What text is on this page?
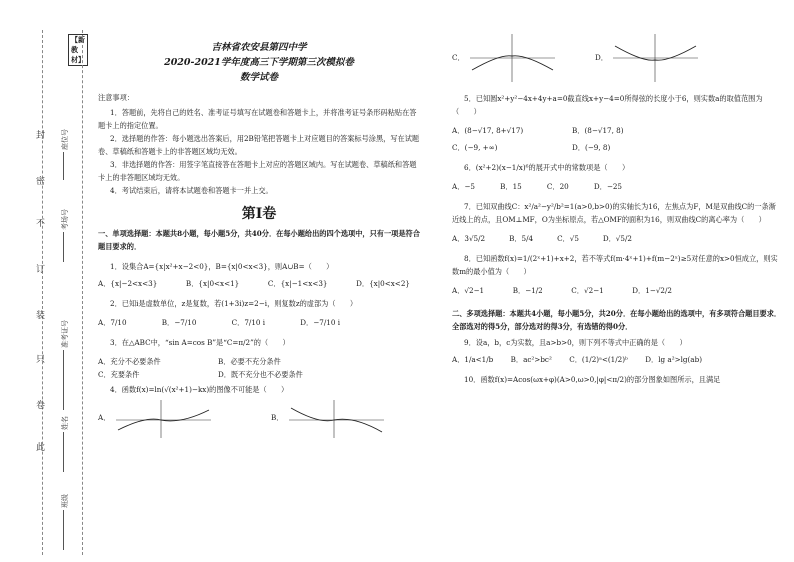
【新教材】
封
密
不
订
装
只
卷
此
座位号
考场号
准考证号
姓名
班级
吉林省农安县第四中学
2020-2021学年度高三下学期第三次模拟卷
数学试卷

注意事项：

1．答题前，先将自己的姓名、准考证号填写在试题卷和答题卡上，并将准考证号条形码粘贴在答题卡上的指定位置。

2．选择题的作答：每小题选出答案后，用2B铅笔把答题卡上对应题目的答案标号涂黑，写在试题卷、草稿纸和答题卡上的非答题区域均无效。

3．非选择题的作答：用签字笔直接答在答题卡上对应的答题区域内。写在试题卷、草稿纸和答题卡上的非答题区域均无效。

4．考试结束后，请将本试题卷和答题卡一并上交。

第Ⅰ卷

一、单项选择题：本题共8小题，每小题5分，共40分．在每小题给出的四个选项中，只有一项是符合题目要求的．

1．设集合A={x|x²+x−2<0}，B={x|0<x<3}，则A∪B=（　　）

A．{x|−2<x<3}	B．{x|0<x<1}	C．{x|−1<x<3}	D．{x|0<x<2}

2．已知i是虚数单位，z是复数，若(1+3i)z=2−i，则复数z的虚部为（　　）

A．7/10	B．−7/10	C．7/10 i	D．−7/10 i

3．在△ABC中，“sin A=cos B”是“C=π/2”的（　　）

A．充分不必要条件	B．必要不充分条件

C．充要条件	D．既不充分也不必要条件

4．函数f(x)=ln(√(x²+1)−kx)的图像不可能是（　　）

A．	B．
C．	D．

5．已知圆x²+y²−4x+4y+a=0截直线x+y−4=0所得弦的长度小于6，则实数a的取值范围为（　　）

A．(8−√17, 8+√17)	B．(8−√17, 8)

C．(−9, +∞)	D．(−9, 8)

6．(x²+2)(x−1/x)⁶的展开式中的常数项是（　　）

A．−5	B．15	C．20	D．−25

7．已知双曲线C：x²/a²−y²/b²=1(a>0,b>0)的实轴长为16，左焦点为F，M是双曲线C的一条渐近线上的点，且OM⊥MF，O为坐标原点，若△OMF的面积为16，则双曲线C的离心率为（　　）

A．3√5/2	B．5/4	C．√5	D．√5/2

8．已知函数f(x)=1/(2ˣ+1)+x+2，若不等式f(m·4ˣ+1)+f(m−2ˣ)≥5对任意的x>0恒成立，则实数m的最小值为（　　）

A．√2−1	B．−1/2	C．√2−1	D．1−√2/2

二、多项选择题：本题共4小题，每小题5分，共20分．在每小题给出的选项中，有多项符合题目要求．全部选对的得5分，部分选对的得3分，有选错的得0分．

9．设a，b，c为实数，且a>b>0，则下列不等式中正确的是（　　）

A．1/a<1/b B．ac²>bc² C．(1/2)ᵃ<(1/2)ᵇ D．lg a²>lg(ab)

10．函数f(x)=Acos(ωx+φ)(A>0,ω>0,|φ|<π/2)的部分图象如图所示，且满足
